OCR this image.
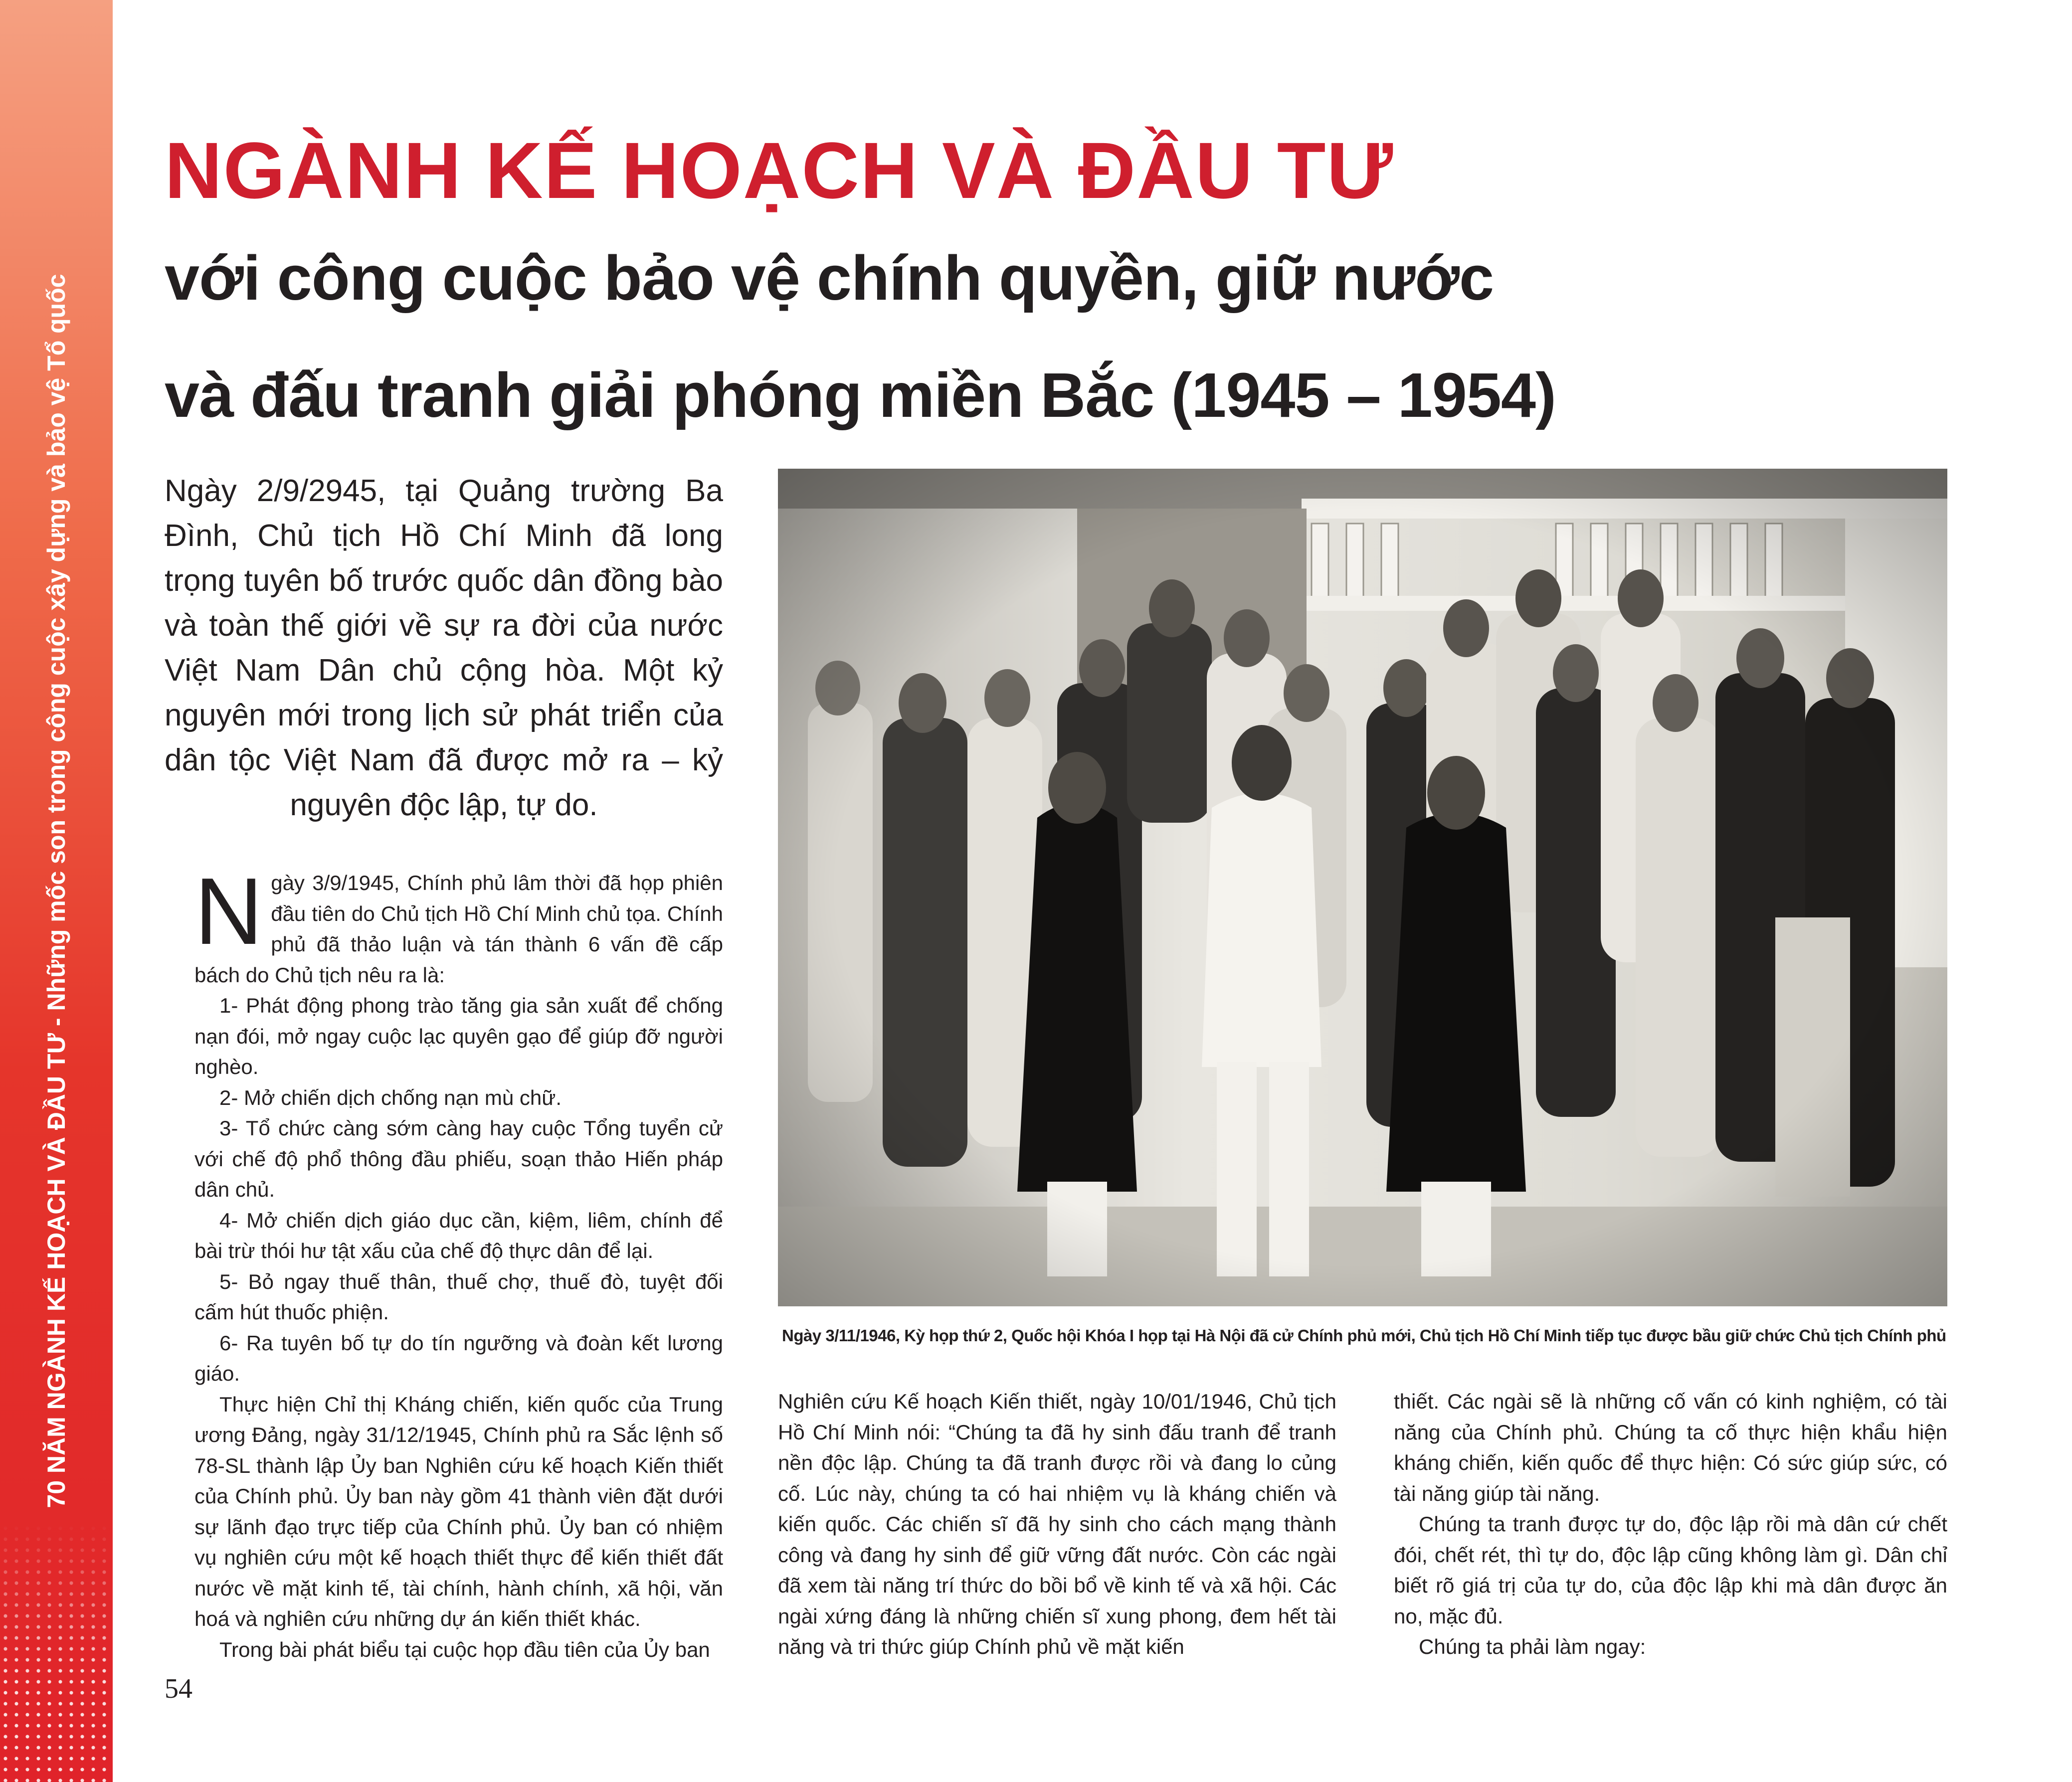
70 NĂM NGÀNH KẾ HOẠCH VÀ ĐẦU TƯ - Những mốc son trong công cuộc xây dựng và bảo vệ Tổ quốc
NGÀNH KẾ HOẠCH VÀ ĐẦU TƯ
với công cuộc bảo vệ chính quyền, giữ nước
và đấu tranh giải phóng miền Bắc (1945 – 1954)
Ngày 2/9/2945, tại Quảng trường Ba Đình, Chủ tịch Hồ Chí Minh đã long trọng tuyên bố trước quốc dân đồng bào và toàn thế giới về sự ra đời của nước Việt Nam Dân chủ cộng hòa. Một kỷ nguyên mới trong lịch sử phát triển của dân tộc Việt Nam đã được mở ra – kỷ nguyên độc lập, tự do.
Ngày 3/11/1946, Kỳ họp thứ 2, Quốc hội Khóa I họp tại Hà Nội đã cử Chính phủ mới, Chủ tịch Hồ Chí Minh tiếp tục được bầu giữ chức Chủ tịch Chính phủ

Ngày 3/9/1945, Chính phủ lâm thời đã họp phiên đầu tiên do Chủ tịch Hồ Chí Minh chủ tọa. Chính phủ đã thảo luận và tán thành 6 vấn đề cấp bách do Chủ tịch nêu ra là:

1- Phát động phong trào tăng gia sản xuất để chống nạn đói, mở ngay cuộc lạc quyên gạo để giúp đỡ người nghèo.

2- Mở chiến dịch chống nạn mù chữ.

3- Tổ chức càng sớm càng hay cuộc Tổng tuyển cử với chế độ phổ thông đầu phiếu, soạn thảo Hiến pháp dân chủ.

4- Mở chiến dịch giáo dục cần, kiệm, liêm, chính để bài trừ thói hư tật xấu của chế độ thực dân để lại.

5- Bỏ ngay thuế thân, thuế chợ, thuế đò, tuyệt đối cấm hút thuốc phiện.

6- Ra tuyên bố tự do tín ngưỡng và đoàn kết lương giáo.

Thực hiện Chỉ thị Kháng chiến, kiến quốc của Trung ương Đảng, ngày 31/12/1945, Chính phủ ra Sắc lệnh số 78-SL thành lập Ủy ban Nghiên cứu kế hoạch Kiến thiết của Chính phủ. Ủy ban này gồm 41 thành viên đặt dưới sự lãnh đạo trực tiếp của Chính phủ. Ủy ban có nhiệm vụ nghiên cứu một kế hoạch thiết thực để kiến thiết đất nước về mặt kinh tế, tài chính, hành chính, xã hội, văn hoá và nghiên cứu những dự án kiến thiết khác.

Trong bài phát biểu tại cuộc họp đầu tiên của Ủy ban

Nghiên cứu Kế hoạch Kiến thiết, ngày 10/01/1946, Chủ tịch Hồ Chí Minh nói: “Chúng ta đã hy sinh đấu tranh để tranh nền độc lập. Chúng ta đã tranh được rồi và đang lo củng cố. Lúc này, chúng ta có hai nhiệm vụ là kháng chiến và kiến quốc. Các chiến sĩ đã hy sinh cho cách mạng thành công và đang hy sinh để giữ vững đất nước. Còn các ngài đã xem tài năng trí thức do bồi bổ về kinh tế và xã hội. Các ngài xứng đáng là những chiến sĩ xung phong, đem hết tài năng và tri thức giúp Chính phủ về mặt kiến

thiết. Các ngài sẽ là những cố vấn có kinh nghiệm, có tài năng của Chính phủ. Chúng ta cố thực hiện khẩu hiện kháng chiến, kiến quốc để thực hiện: Có sức giúp sức, có tài năng giúp tài năng.

Chúng ta tranh được tự do, độc lập rồi mà dân cứ chết đói, chết rét, thì tự do, độc lập cũng không làm gì. Dân chỉ biết rõ giá trị của tự do, của độc lập khi mà dân được ăn no, mặc đủ.

Chúng ta phải làm ngay:

54
